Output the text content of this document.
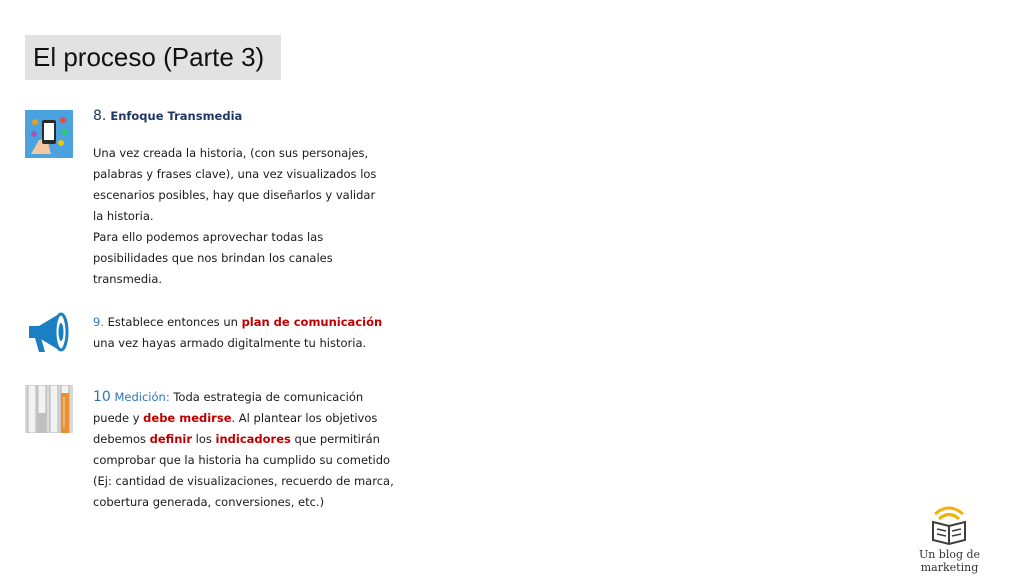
El proceso (Parte 3)
8. Enfoque Transmedia
Una vez creada la historia, (con sus personajes,
palabras y frases clave), una vez visualizados los
escenarios posibles, hay que diseñarlos y validar
la historia.
Para ello podemos aprovechar todas las
posibilidades que nos brindan los canales
transmedia.
9. Establece entonces un plan de comunicación
una vez hayas armado digitalmente tu historia.
10 Medición: Toda estrategia de comunicación
puede y debe medirse. Al plantear los objetivos
debemos definir los indicadores que permitirán
comprobar que la historia ha cumplido su cometido
(Ej: cantidad de visualizaciones, recuerdo de marca,
cobertura generada, conversiones, etc.)
Un blog de marketing
